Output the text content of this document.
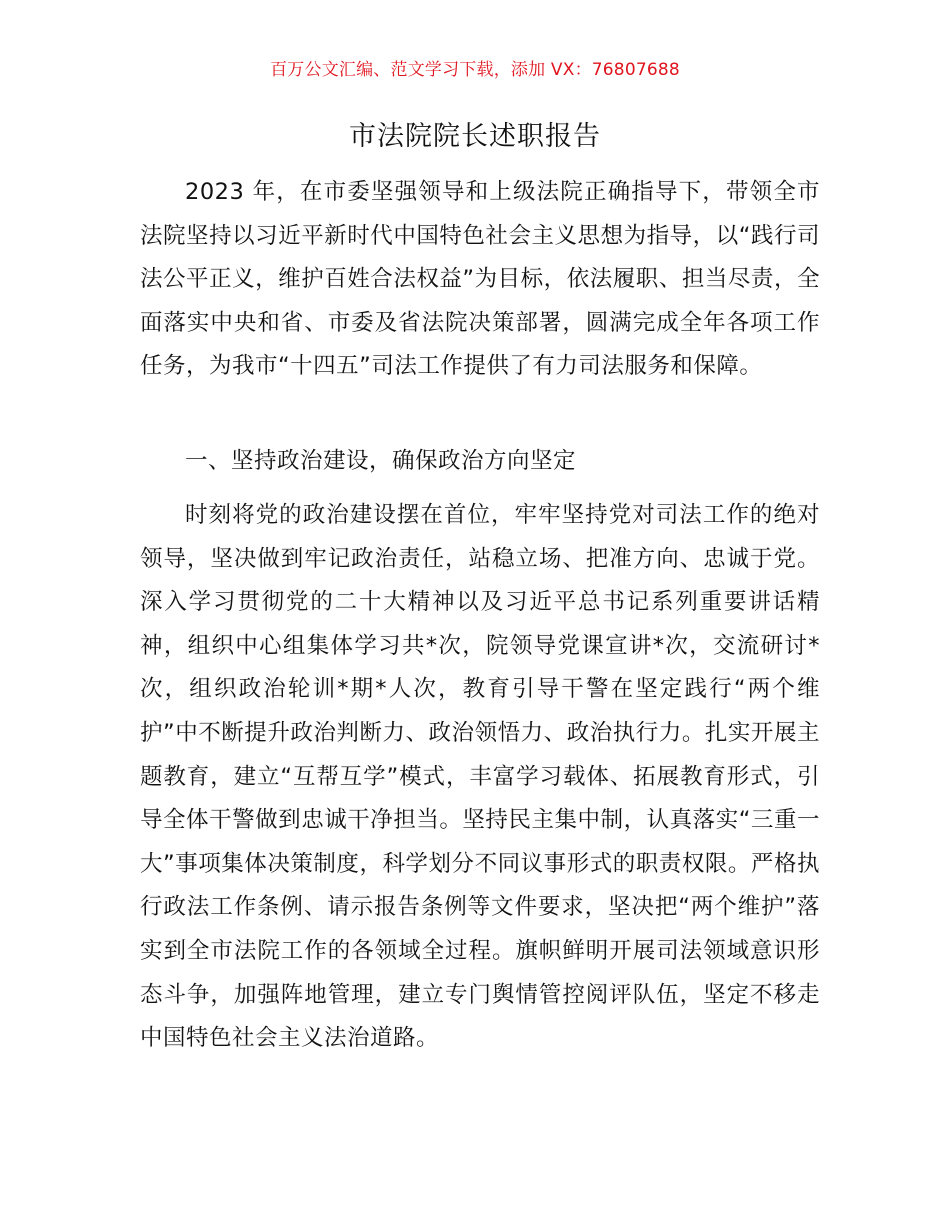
百万公文汇编、范文学习下载，添加 VX：76807688
市法院院长述职报告

2023 年，在市委坚强领导和上级法院正确指导下，带领全市法院坚持以习近平新时代中国特色社会主义思想为指导，以“践行司法公平正义，维护百姓合法权益”为目标，依法履职、担当尽责，全面落实中央和省、市委及省法院决策部署，圆满完成全年各项工作任务，为我市“十四五”司法工作提供了有力司法服务和保障。

一、坚持政治建设，确保政治方向坚定

时刻将党的政治建设摆在首位，牢牢坚持党对司法工作的绝对领导，坚决做到牢记政治责任，站稳立场、把准方向、忠诚于党。深入学习贯彻党的二十大精神以及习近平总书记系列重要讲话精神，组织中心组集体学习共*次，院领导党课宣讲*次，交流研讨*次，组织政治轮训*期*人次，教育引导干警在坚定践行“两个维护”中不断提升政治判断力、政治领悟力、政治执行力。扎实开展主题教育，建立“互帮互学”模式，丰富学习载体、拓展教育形式，引导全体干警做到忠诚干净担当。坚持民主集中制，认真落实“三重一大”事项集体决策制度，科学划分不同议事形式的职责权限。严格执行政法工作条例、请示报告条例等文件要求，坚决把“两个维护”落实到全市法院工作的各领域全过程。旗帜鲜明开展司法领域意识形态斗争，加强阵地管理，建立专门舆情管控阅评队伍，坚定不移走中国特色社会主义法治道路。
